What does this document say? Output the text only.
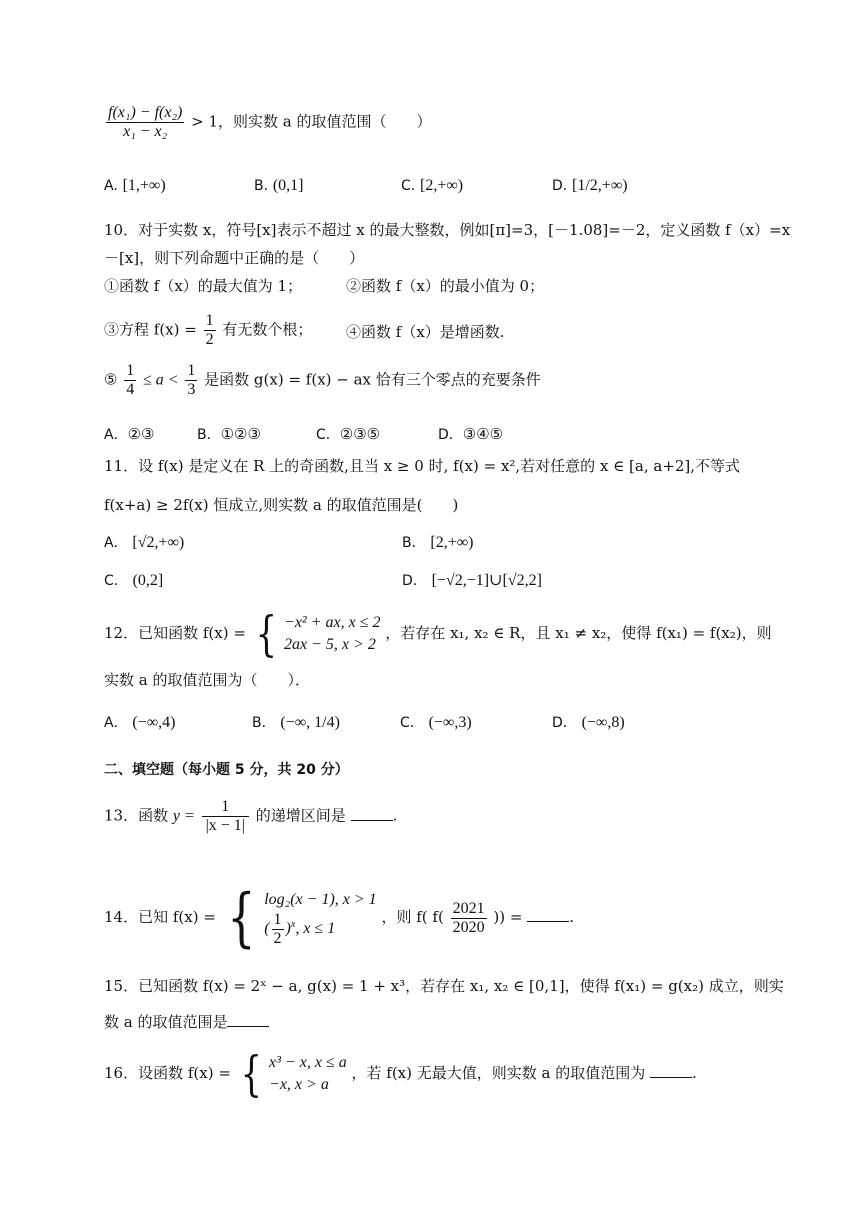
$\frac{\text{f(x₁) − f(x₂)}}{\text{x₁ − x₂}} > 1$，则实数 a 的取值范围（　　）
A. [1,+∞)	B. (0,1]	C. [2,+∞)	D. [1/2,+∞)
10．对于实数 x，符号[x]表示不超过 x 的最大整数，例如[π]=3，[－1.08]=－2，定义函数 f（x）=x
－[x]，则下列命题中正确的是（　　）
①函数 f（x）的最大值为 1；	②函数 f（x）的最小值为 0；
③方程 $f(x) = \frac{1}{2}$ 有无数个根； ④函数 f（x）是增函数.
⑤ $\frac{1}{4} \le a < \frac{1}{3}$ 是函数 g(x) = f(x) − ax 恰有三个零点的充要条件
A．②③	B．①②③	C．②③⑤	D．③④⑤
11．设 f(x) 是定义在 R 上的奇函数,且当 x ≥ 0 时, f(x) = x²,若对任意的 x ∈ [a, a+2],不等式
f(x+a) ≥ 2f(x) 恒成立,则实数 a 的取值范围是(　　)
A． [√2,+∞)	B． [2,+∞)
C． (0,2]	D． [−√2,−1]∪[√2,2]
12．已知函数 f(x) = { −x² + ax, x ≤ 2
2ax − 5, x > 2
，若存在 x₁, x₂ ∈ R，且 x₁ ≠ x₂，使得 f(x₁) = f(x₂)，则
实数 a 的取值范围为（　　）．
A． (−∞,4)	B． (−∞, 1/4)	C． (−∞,3)	D． (−∞,8)
二、填空题（每小题 5 分，共 20 分）
13．函数 $y = \frac{1}{|x - 1|}$ 的递增区间是	.
14．已知 f(x) = { log₂(x − 1), x > 1
( $\frac{1}{2} )^x$, x ≤ 1
，则 f( $f( \frac{2021}{2020}$ )) =	.
15．已知函数 f(x) = 2ˣ − a, g(x) = 1 + x³，若存在 x₁, x₂ ∈ [0,1]，使得 f(x₁) = g(x₂) 成立，则实
数 a 的取值范围是
16．设函数 f(x) = { x³ − x, x ≤ a
−x, x > a
，若 f(x) 无最大值，则实数 a 的取值范围为	.
